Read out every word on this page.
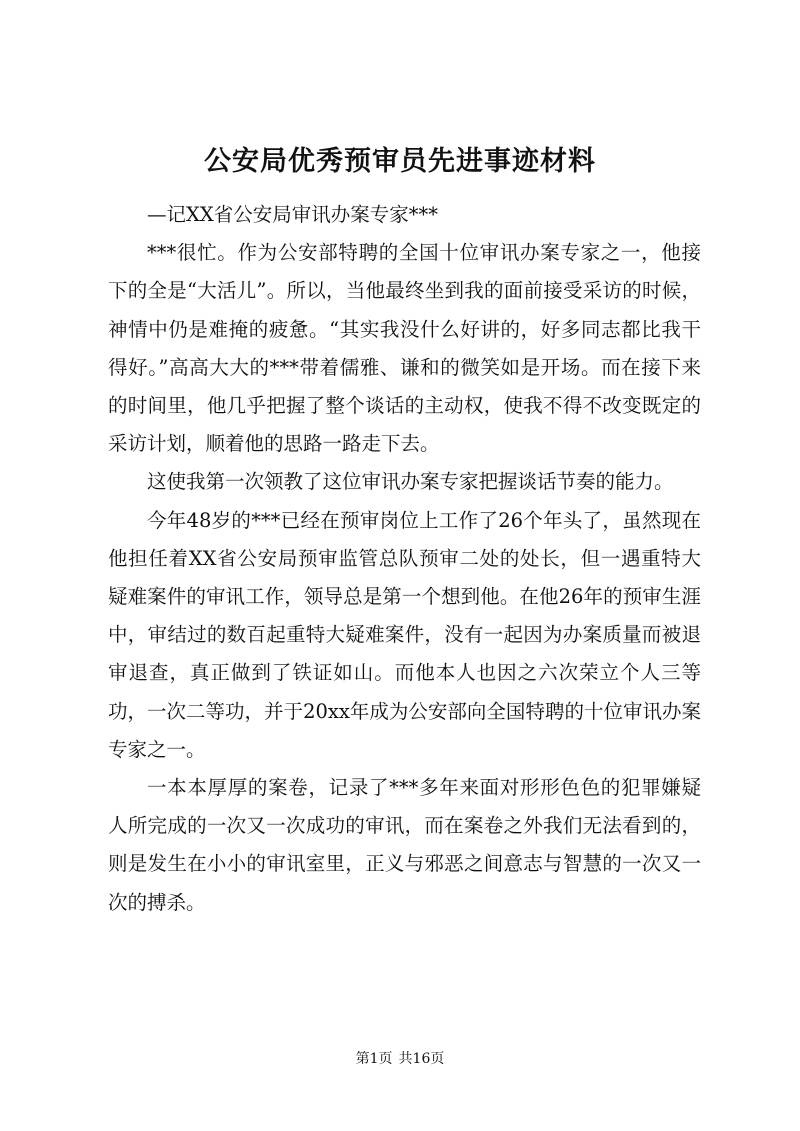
公安局优秀预审员先进事迹材料

—记XX省公安局审讯办案专家***

***很忙。作为公安部特聘的全国十位审讯办案专家之一，他接下的全是“大活儿”。所以，当他最终坐到我的面前接受采访的时候，神情中仍是难掩的疲惫。“其实我没什么好讲的，好多同志都比我干得好。”高高大大的***带着儒雅、谦和的微笑如是开场。而在接下来的时间里，他几乎把握了整个谈话的主动权，使我不得不改变既定的采访计划，顺着他的思路一路走下去。

这使我第一次领教了这位审讯办案专家把握谈话节奏的能力。

今年48岁的***已经在预审岗位上工作了26个年头了，虽然现在他担任着XX省公安局预审监管总队预审二处的处长，但一遇重特大疑难案件的审讯工作，领导总是第一个想到他。在他26年的预审生涯中，审结过的数百起重特大疑难案件，没有一起因为办案质量而被退审退查，真正做到了铁证如山。而他本人也因之六次荣立个人三等功，一次二等功，并于20xx年成为公安部向全国特聘的十位审讯办案专家之一。

一本本厚厚的案卷，记录了***多年来面对形形色色的犯罪嫌疑人所完成的一次又一次成功的审讯，而在案卷之外我们无法看到的，则是发生在小小的审讯室里，正义与邪恶之间意志与智慧的一次又一次的搏杀。

第1页 共16页
